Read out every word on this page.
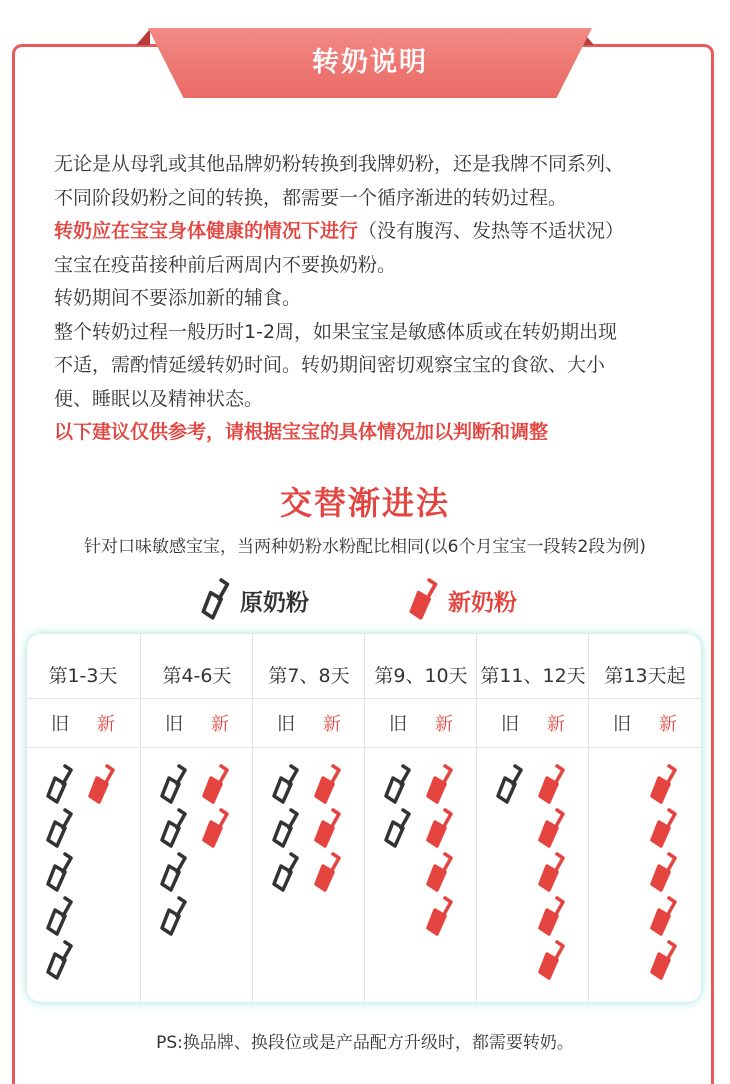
转奶说明

无论是从母乳或其他品牌奶粉转换到我牌奶粉，还是我牌不同系列、

不同阶段奶粉之间的转换，都需要一个循序渐进的转奶过程。

转奶应在宝宝身体健康的情况下进行（没有腹泻、发热等不适状况）

宝宝在疫苗接种前后两周内不要换奶粉。

转奶期间不要添加新的辅食。

整个转奶过程一般历时1-2周，如果宝宝是敏感体质或在转奶期出现

不适，需酌情延缓转奶时间。转奶期间密切观察宝宝的食欲、大小

便、睡眠以及精神状态。

以下建议仅供参考，请根据宝宝的具体情况加以判断和调整

交替渐进法
针对口味敏感宝宝，当两种奶粉水粉配比相同(以6个月宝宝一段转2段为例)
原奶粉	新奶粉
第1-3天
旧 新
第4-6天
旧 新
第7、8天
旧 新
第9、10天
旧 新
第11、12天
旧 新
第13天起
旧 新
PS:换品牌、换段位或是产品配方升级时，都需要转奶。
